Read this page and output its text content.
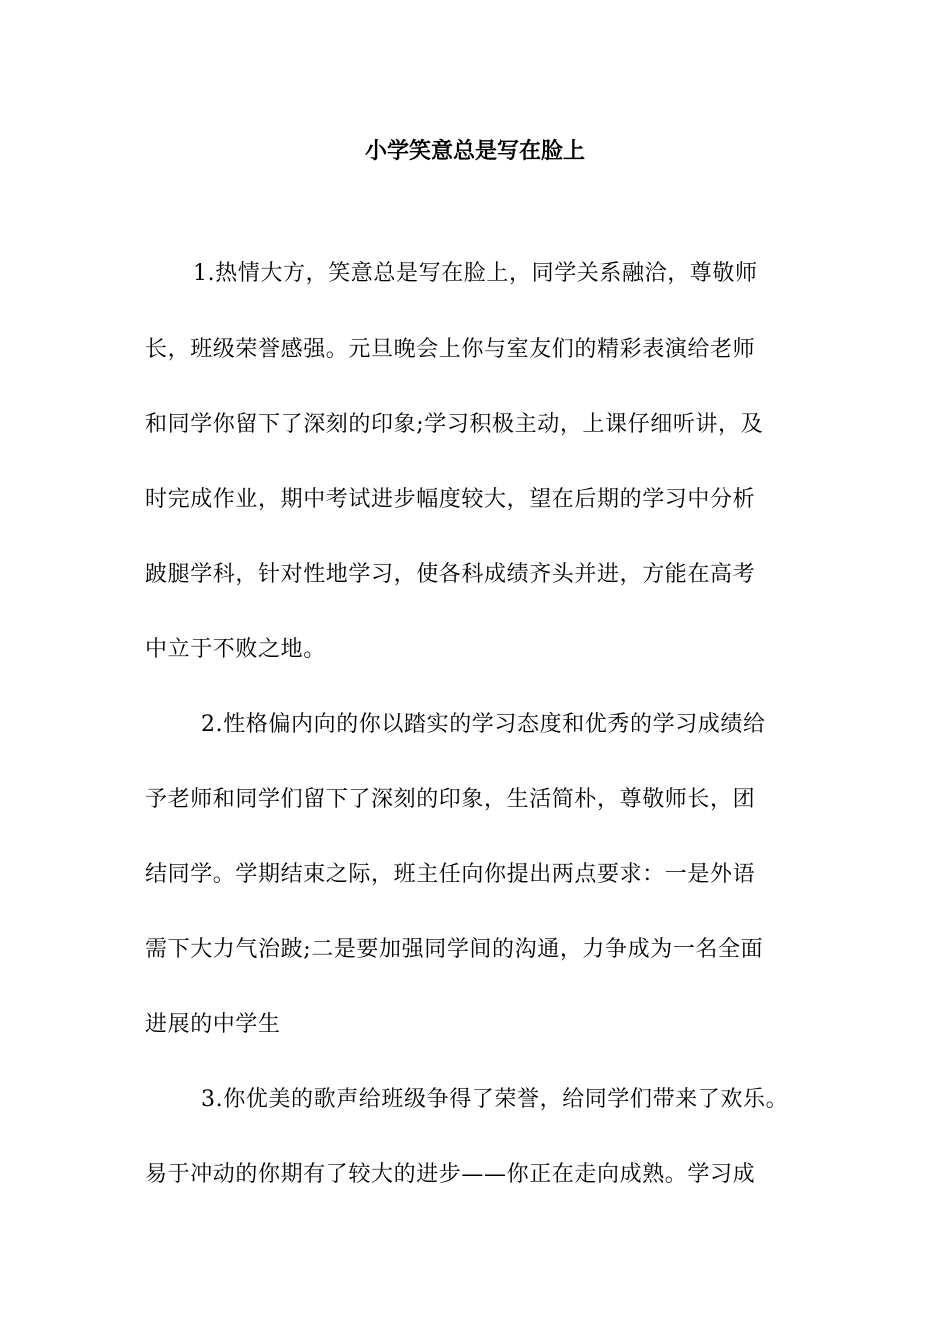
小学笑意总是写在脸上
1.热情大方，笑意总是写在脸上，同学关系融洽，尊敬师
长，班级荣誉感强。元旦晚会上你与室友们的精彩表演给老师
和同学你留下了深刻的印象;学习积极主动，上课仔细听讲，及
时完成作业，期中考试进步幅度较大，望在后期的学习中分析
跛腿学科，针对性地学习，使各科成绩齐头并进，方能在高考
中立于不败之地。
2.性格偏内向的你以踏实的学习态度和优秀的学习成绩给
予老师和同学们留下了深刻的印象，生活简朴，尊敬师长，团
结同学。学期结束之际，班主任向你提出两点要求：一是外语
需下大力气治跛;二是要加强同学间的沟通，力争成为一名全面
进展的中学生
3.你优美的歌声给班级争得了荣誉，给同学们带来了欢乐。
易于冲动的你期有了较大的进步——你正在走向成熟。学习成
